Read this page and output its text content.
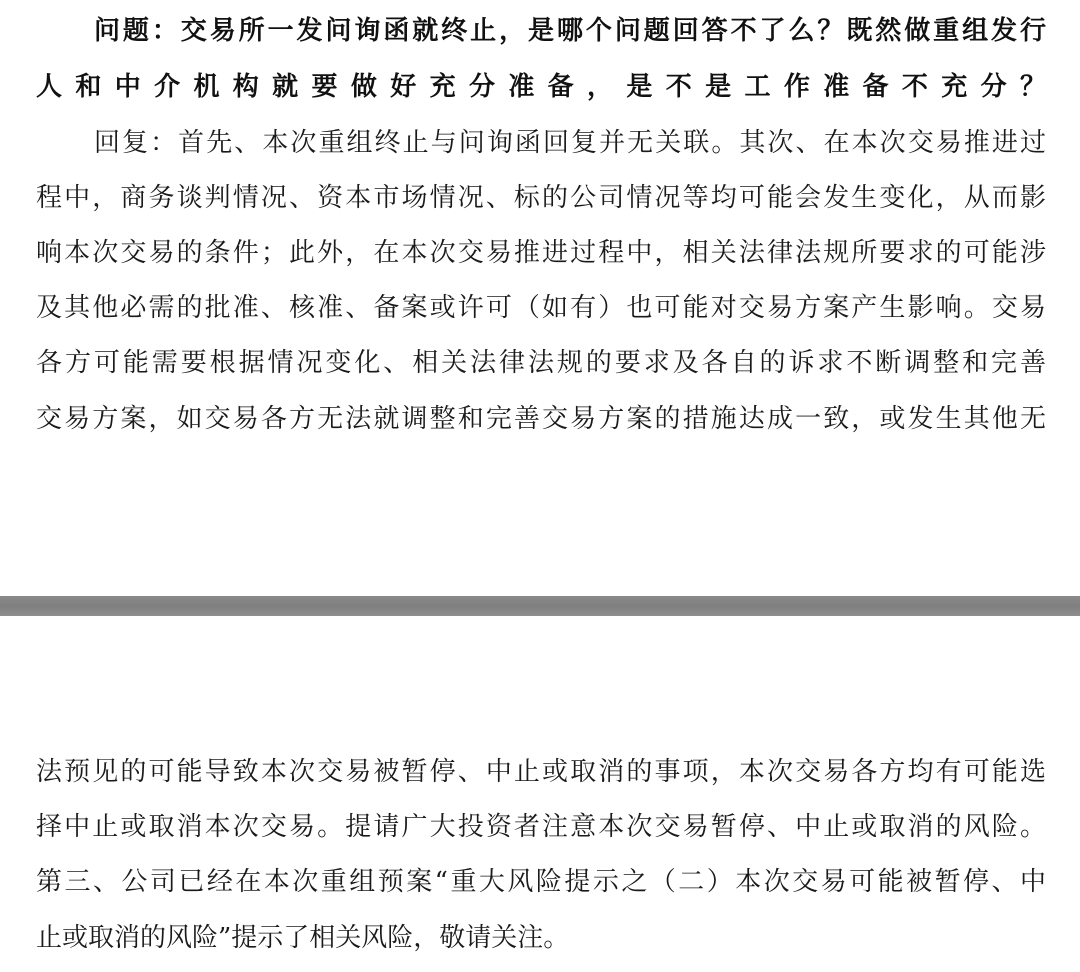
问题：交易所一发问询函就终止，是哪个问题回答不了么？既然做重组发行
人和中介机构就要做好充分准备，是不是工作准备不充分？
回复：首先、本次重组终止与问询函回复并无关联。其次、在本次交易推进过
程中，商务谈判情况、资本市场情况、标的公司情况等均可能会发生变化，从而影
响本次交易的条件；此外，在本次交易推进过程中，相关法律法规所要求的可能涉
及其他必需的批准、核准、备案或许可（如有）也可能对交易方案产生影响。交易
各方可能需要根据情况变化、相关法律法规的要求及各自的诉求不断调整和完善
交易方案，如交易各方无法就调整和完善交易方案的措施达成一致，或发生其他无
法预见的可能导致本次交易被暂停、中止或取消的事项，本次交易各方均有可能选
择中止或取消本次交易。提请广大投资者注意本次交易暂停、中止或取消的风险。
第三、公司已经在本次重组预案“重大风险提示之（二）本次交易可能被暂停、中
止或取消的风险”提示了相关风险，敬请关注。
